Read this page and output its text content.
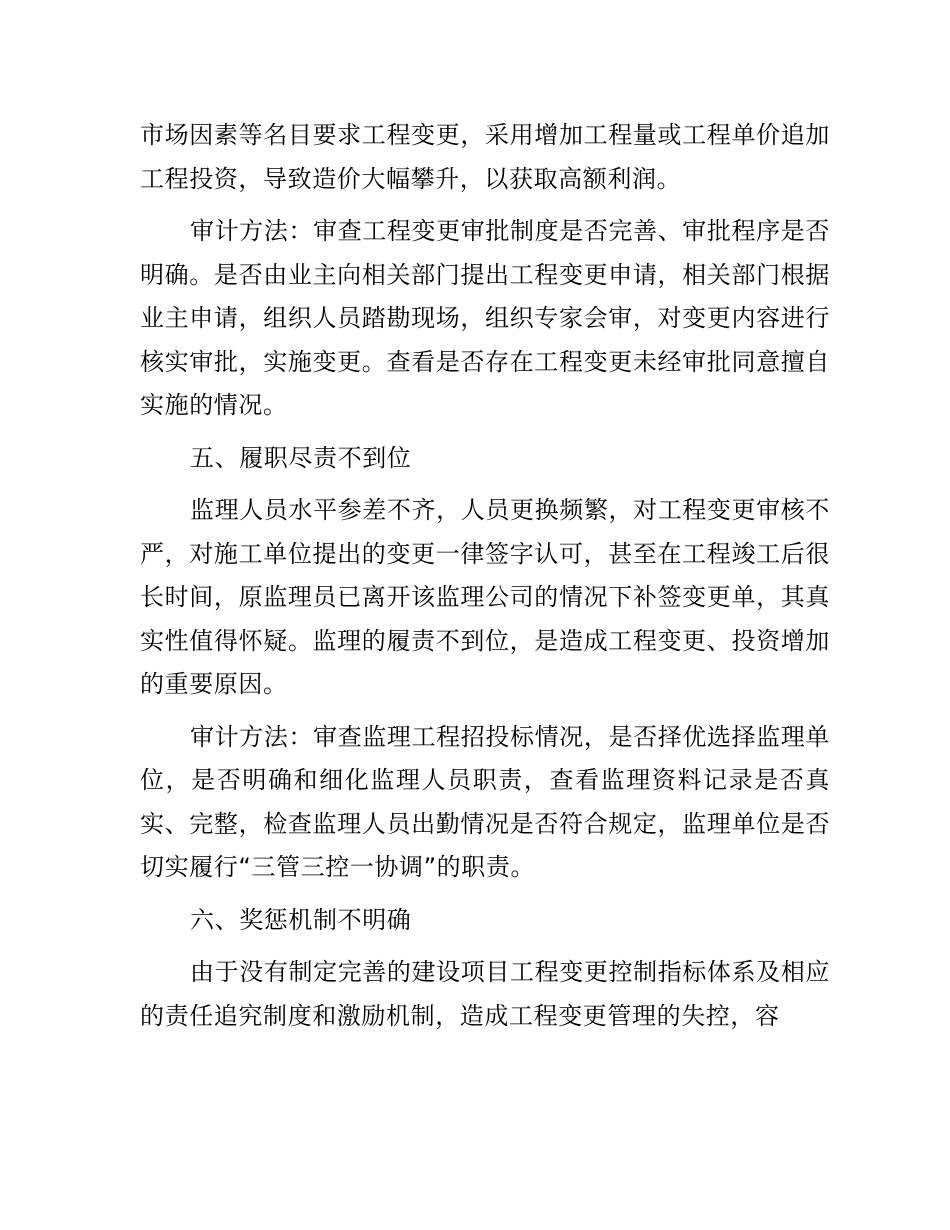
市场因素等名目要求工程变更，采用增加工程量或工程单价追加工程投资，导致造价大幅攀升，以获取高额利润。

审计方法：审查工程变更审批制度是否完善、审批程序是否明确。是否由业主向相关部门提出工程变更申请，相关部门根据业主申请，组织人员踏勘现场，组织专家会审，对变更内容进行核实审批，实施变更。查看是否存在工程变更未经审批同意擅自实施的情况。

五、履职尽责不到位

监理人员水平参差不齐，人员更换频繁，对工程变更审核不严，对施工单位提出的变更一律签字认可，甚至在工程竣工后很长时间，原监理员已离开该监理公司的情况下补签变更单，其真实性值得怀疑。监理的履责不到位，是造成工程变更、投资增加的重要原因。

审计方法：审查监理工程招投标情况，是否择优选择监理单位，是否明确和细化监理人员职责，查看监理资料记录是否真实、完整，检查监理人员出勤情况是否符合规定，监理单位是否切实履行“三管三控一协调”的职责。

六、奖惩机制不明确

由于没有制定完善的建设项目工程变更控制指标体系及相应的责任追究制度和激励机制，造成工程变更管理的失控，容
